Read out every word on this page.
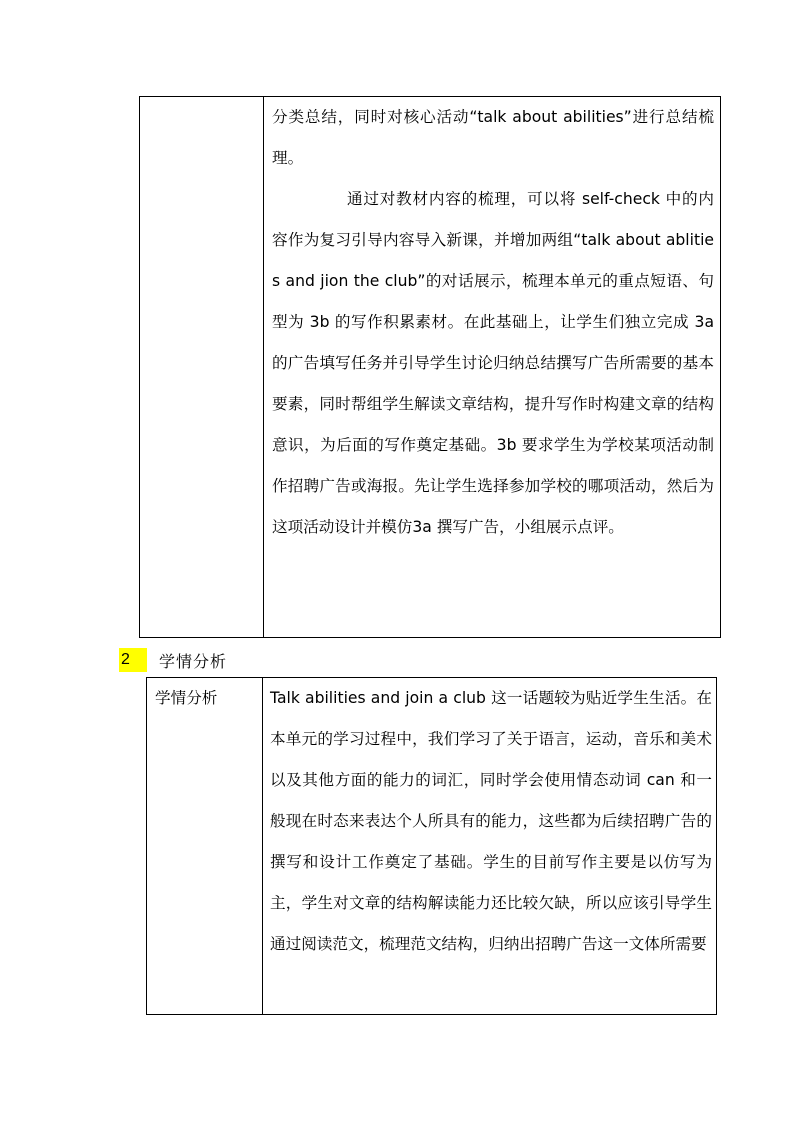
分类总结，同时对核心活动“talk about abilities”进行总结梳理。

通过对教材内容的梳理，可以将 self-check 中的内容作为复习引导内容导入新课，并增加两组“talk about ablities and jion the club”的对话展示，梳理本单元的重点短语、句型为 3b 的写作积累素材。在此基础上，让学生们独立完成 3a 的广告填写任务并引导学生讨论归纳总结撰写广告所需要的基本要素，同时帮组学生解读文章结构，提升写作时构建文章的结构意识，为后面的写作奠定基础。3b 要求学生为学校某项活动制作招聘广告或海报。先让学生选择参加学校的哪项活动，然后为这项活动设计并模仿3a 撰写广告，小组展示点评。

2	学情分析
学情分析	Talk abilities and join a club 这一话题较为贴近学生生活。在本单元的学习过程中，我们学习了关于语言，运动，音乐和美术以及其他方面的能力的词汇，同时学会使用情态动词 can 和一般现在时态来表达个人所具有的能力，这些都为后续招聘广告的撰写和设计工作奠定了基础。学生的目前写作主要是以仿写为主，学生对文章的结构解读能力还比较欠缺，所以应该引导学生通过阅读范文，梳理范文结构，归纳出招聘广告这一文体所需要
